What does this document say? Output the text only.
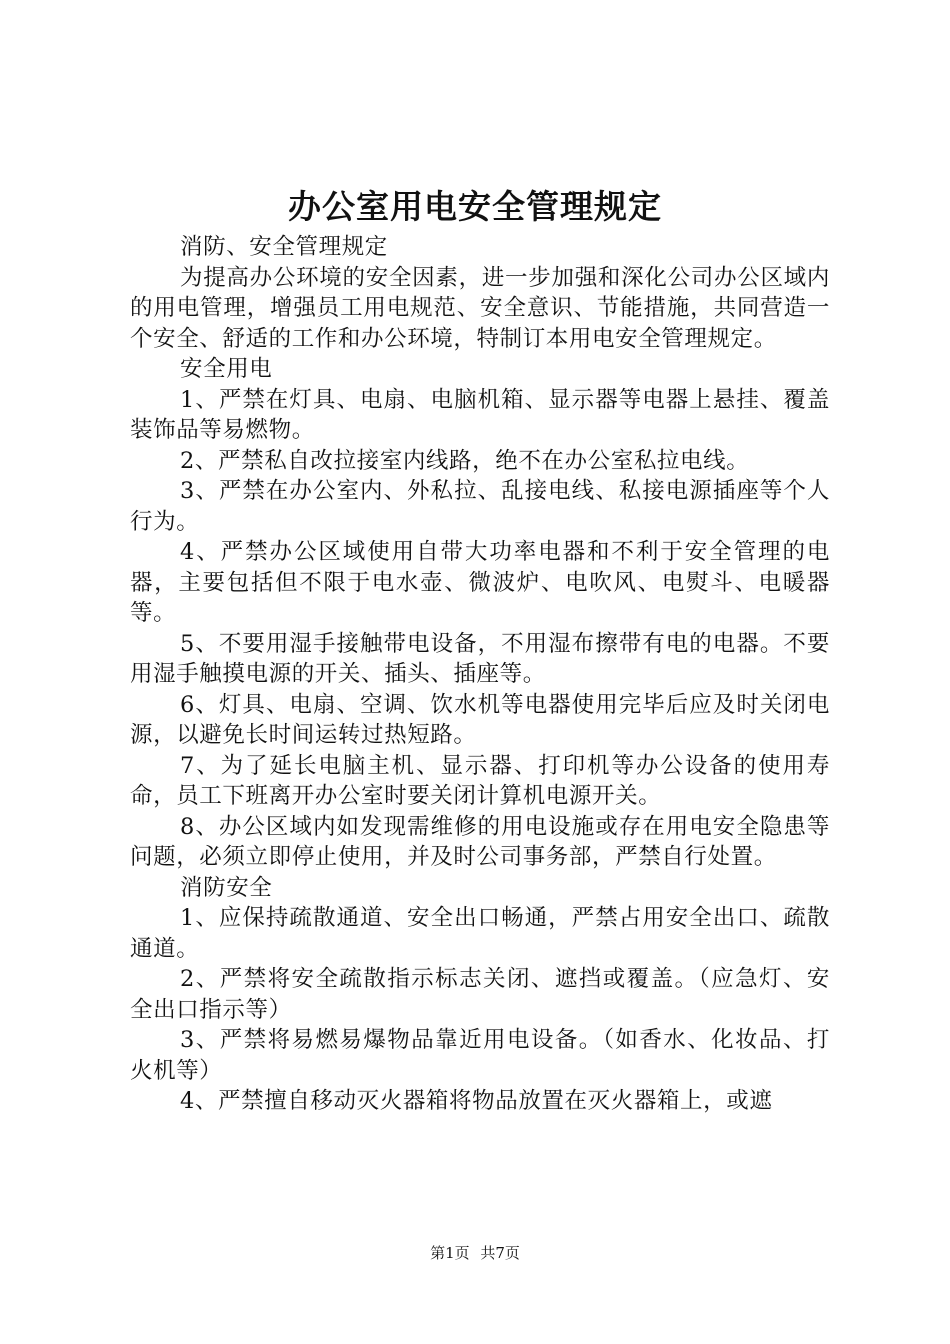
办公室用电安全管理规定

消防、安全管理规定

为提高办公环境的安全因素，进一步加强和深化公司办公区域内的用电管理，增强员工用电规范、安全意识、节能措施，共同营造一个安全、舒适的工作和办公环境，特制订本用电安全管理规定。

安全用电

1、严禁在灯具、电扇、电脑机箱、显示器等电器上悬挂、覆盖装饰品等易燃物。

2、严禁私自改拉接室内线路，绝不在办公室私拉电线。

3、严禁在办公室内、外私拉、乱接电线、私接电源插座等个人行为。

4、严禁办公区域使用自带大功率电器和不利于安全管理的电器，主要包括但不限于电水壶、微波炉、电吹风、电熨斗、电暖器等。

5、不要用湿手接触带电设备，不用湿布擦带有电的电器。不要用湿手触摸电源的开关、插头、插座等。

6、灯具、电扇、空调、饮水机等电器使用完毕后应及时关闭电源，以避免长时间运转过热短路。

7、为了延长电脑主机、显示器、打印机等办公设备的使用寿命，员工下班离开办公室时要关闭计算机电源开关。

8、办公区域内如发现需维修的用电设施或存在用电安全隐患等问题，必须立即停止使用，并及时公司事务部，严禁自行处置。

消防安全

1、应保持疏散通道、安全出口畅通，严禁占用安全出口、疏散通道。

2、严禁将安全疏散指示标志关闭、遮挡或覆盖。（应急灯、安全出口指示等）

3、严禁将易燃易爆物品靠近用电设备。（如香水、化妆品、打火机等）

4、严禁擅自移动灭火器箱将物品放置在灭火器箱上，或遮

第1页 共7页
